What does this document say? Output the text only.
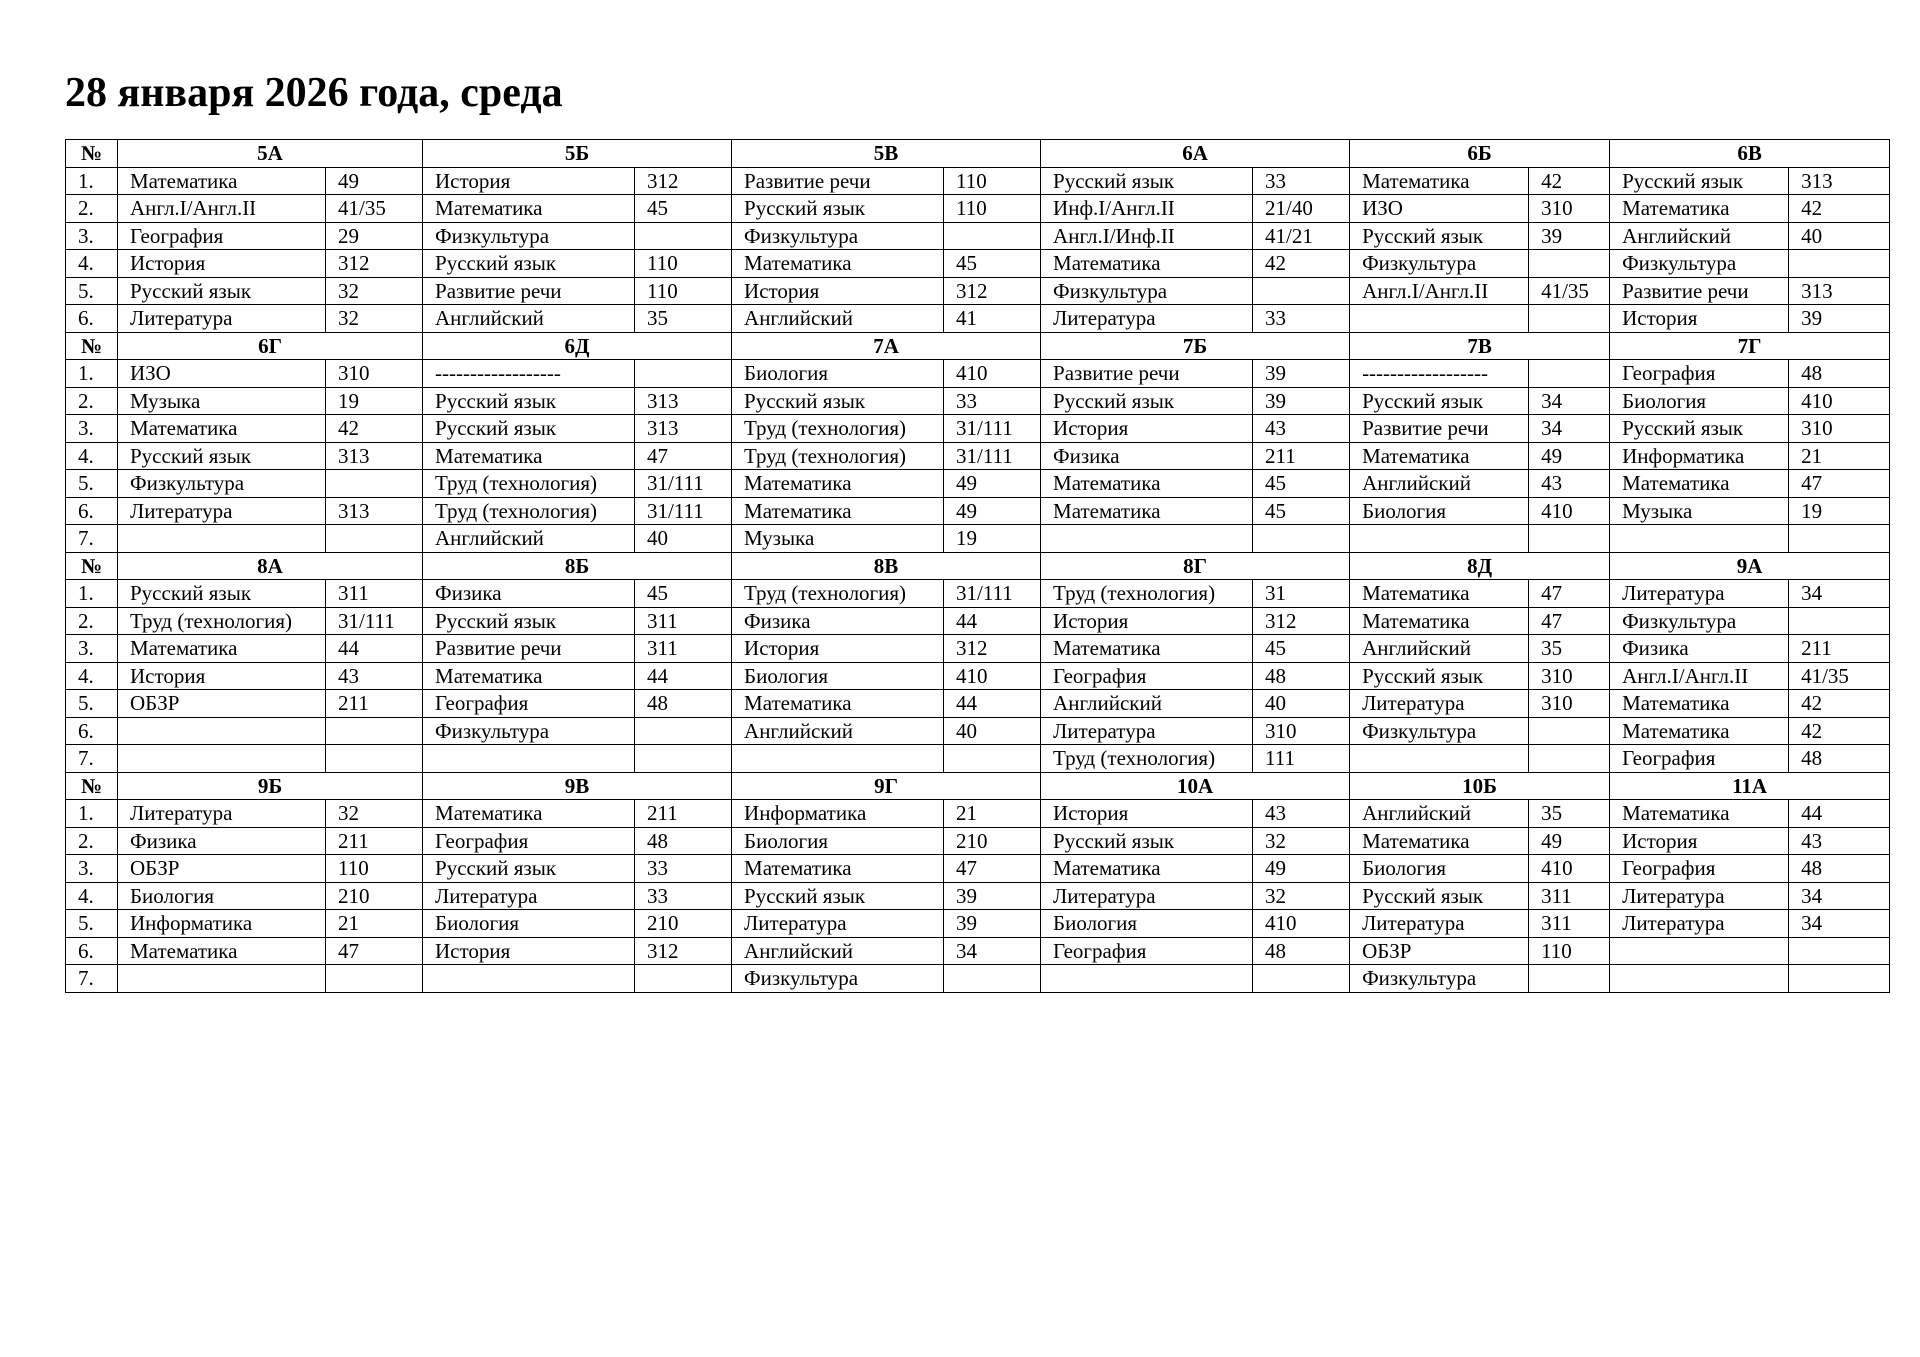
28 января 2026 года, среда
№	5А		5Б		5В		6А		6Б		6В	
1.	Математика	49	История	312	Развитие речи	110	Русский язык	33	Математика	42	Русский язык	313
2.	Англ.I/Англ.II	41/35	Математика	45	Русский язык	110	Инф.I/Англ.II	21/40	ИЗО	310	Математика	42
3.	География	29	Физкультура		Физкультура		Англ.I/Инф.II	41/21	Русский язык	39	Английский	40
4.	История	312	Русский язык	110	Математика	45	Математика	42	Физкультура		Физкультура	
5.	Русский язык	32	Развитие речи	110	История	312	Физкультура		Англ.I/Англ.II	41/35	Развитие речи	313
6.	Литература	32	Английский	35	Английский	41	Литература	33			История	39
№	6Г		6Д		7А		7Б		7В		7Г	
1.	ИЗО	310	------------------		Биология	410	Развитие речи	39	------------------		География	48
2.	Музыка	19	Русский язык	313	Русский язык	33	Русский язык	39	Русский язык	34	Биология	410
3.	Математика	42	Русский язык	313	Труд (технология)	31/111	История	43	Развитие речи	34	Русский язык	310
4.	Русский язык	313	Математика	47	Труд (технология)	31/111	Физика	211	Математика	49	Информатика	21
5.	Физкультура		Труд (технология)	31/111	Математика	49	Математика	45	Английский	43	Математика	47
6.	Литература	313	Труд (технология)	31/111	Математика	49	Математика	45	Биология	410	Музыка	19
7.			Английский	40	Музыка	19						
№	8А		8Б		8В		8Г		8Д		9А	
1.	Русский язык	311	Физика	45	Труд (технология)	31/111	Труд (технология)	31	Математика	47	Литература	34
2.	Труд (технология)	31/111	Русский язык	311	Физика	44	История	312	Математика	47	Физкультура	
3.	Математика	44	Развитие речи	311	История	312	Математика	45	Английский	35	Физика	211
4.	История	43	Математика	44	Биология	410	География	48	Русский язык	310	Англ.I/Англ.II	41/35
5.	ОБЗР	211	География	48	Математика	44	Английский	40	Литература	310	Математика	42
6.			Физкультура		Английский	40	Литература	310	Физкультура		Математика	42
7.							Труд (технология)	111			География	48
№	9Б		9В		9Г		10А		10Б		11А	
1.	Литература	32	Математика	211	Информатика	21	История	43	Английский	35	Математика	44
2.	Физика	211	География	48	Биология	210	Русский язык	32	Математика	49	История	43
3.	ОБЗР	110	Русский язык	33	Математика	47	Математика	49	Биология	410	География	48
4.	Биология	210	Литература	33	Русский язык	39	Литература	32	Русский язык	311	Литература	34
5.	Информатика	21	Биология	210	Литература	39	Биология	410	Литература	311	Литература	34
6.	Математика	47	История	312	Английский	34	География	48	ОБЗР	110		
7.					Физкультура				Физкультура			
